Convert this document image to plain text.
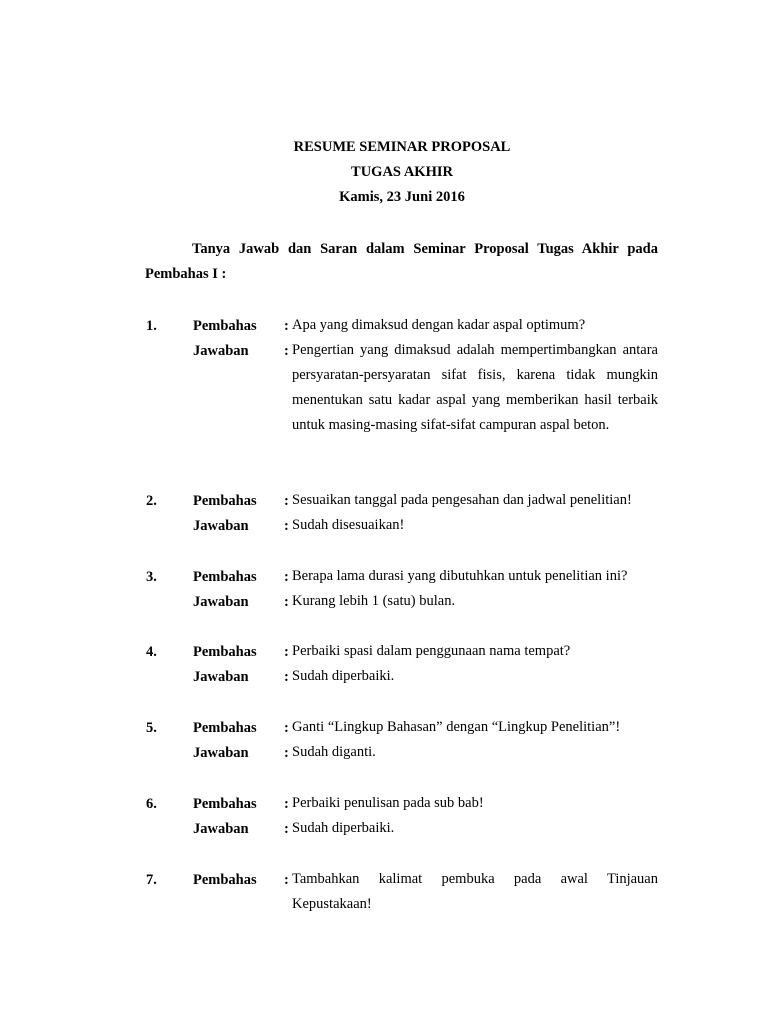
RESUME SEMINAR PROPOSAL
TUGAS AKHIR
Kamis, 23 Juni 2016
Tanya Jawab dan Saran dalam Seminar Proposal Tugas Akhir pada Pembahas I :
1. Pembahas : Apa yang dimaksud dengan kadar aspal optimum?
Jawaban : Pengertian yang dimaksud adalah mempertimbangkan antara persyaratan-persyaratan sifat fisis, karena tidak mungkin menentukan satu kadar aspal yang memberikan hasil terbaik untuk masing-masing sifat-sifat campuran aspal beton.
2. Pembahas : Sesuaikan tanggal pada pengesahan dan jadwal penelitian!
Jawaban : Sudah disesuaikan!
3. Pembahas : Berapa lama durasi yang dibutuhkan untuk penelitian ini?
Jawaban : Kurang lebih 1 (satu) bulan.
4. Pembahas : Perbaiki spasi dalam penggunaan nama tempat?
Jawaban : Sudah diperbaiki.
5. Pembahas : Ganti “Lingkup Bahasan” dengan “Lingkup Penelitian”!
Jawaban : Sudah diganti.
6. Pembahas : Perbaiki penulisan pada sub bab!
Jawaban : Sudah diperbaiki.
7. Pembahas : Tambahkan kalimat pembuka pada awal Tinjauan Kepustakaan!
